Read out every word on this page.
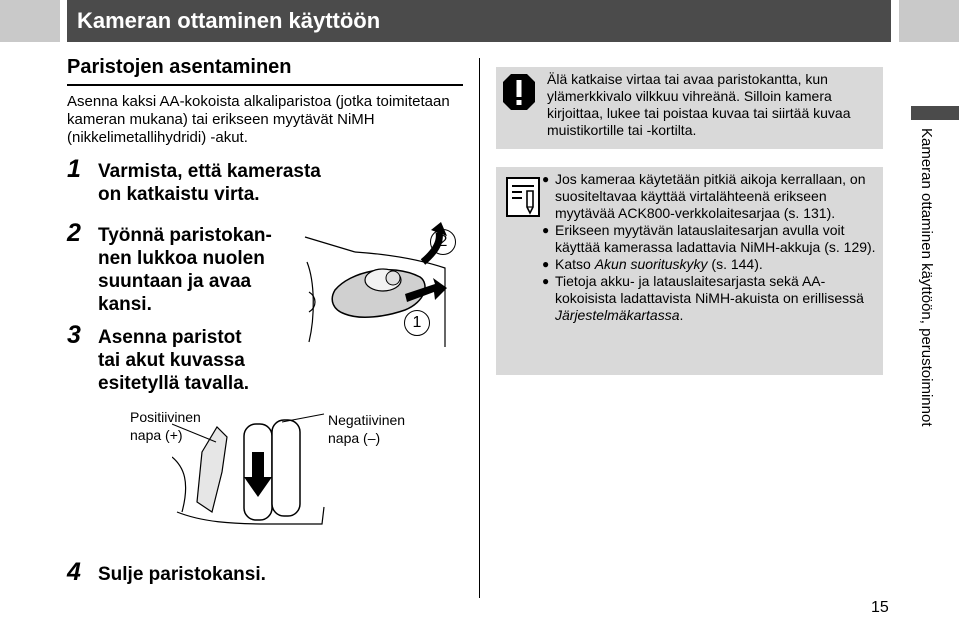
Kameran ottaminen käyttöön
Paristojen asentaminen
Asenna kaksi AA-kokoista alkaliparistoa (jotka toimitetaan kameran mukana) tai erikseen myytävät NiMH (nikkelimetallihydridi) -akut.
1 Varmista, että kamerasta
on katkaistu virta.
2 Työnnä paristokan-
nen lukkoa nuolen
suuntaan ja avaa
kansi.
3 Asenna paristot
tai akut kuvassa
esitetyllä tavalla.
4 Sulje paristokansi.
2
1
Positiivinen
napa (+)
Negatiivinen
napa (–)
Älä katkaise virtaa tai avaa paristokantta, kun ylämerkkivalo vilkkuu vihreänä. Silloin kamera kirjoittaa, lukee tai poistaa kuvaa tai siirtää kuvaa muistikortille tai -kortilta.
● Jos kameraa käytetään pitkiä aikoja kerrallaan, on suositeltavaa käyttää virtalähteenä erikseen myytävää ACK800-verkkolaitesarjaa (s. 131).
● Erikseen myytävän latauslaitesarjan avulla voit käyttää kamerassa ladattavia NiMH-akkuja (s. 129).
● Katso Akun suorituskyky (s. 144).
● Tietoja akku- ja latauslaitesarjasta sekä AA-kokoisista ladattavista NiMH-akuista on erillisessä Järjestelmäkartassa.	Kameran ottaminen käyttöön, perustoiminnot
15
